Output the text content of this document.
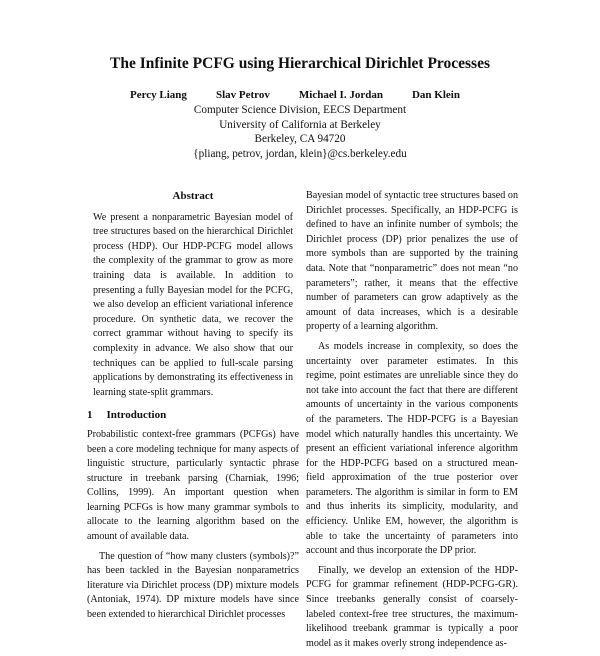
The Infinite PCFG using Hierarchical Dirichlet Processes
Percy Liang	Slav Petrov	Michael I. Jordan	Dan Klein
Computer Science Division, EECS Department
University of California at Berkeley
Berkeley, CA 94720
{pliang, petrov, jordan, klein}@cs.berkeley.edu
Abstract
We present a nonparametric Bayesian model of tree structures based on the hierarchical Dirichlet process (HDP). Our HDP-PCFG model allows the complexity of the grammar to grow as more training data is available. In addition to presenting a fully Bayesian model for the PCFG, we also develop an efficient variational inference procedure. On synthetic data, we recover the correct grammar without having to specify its complexity in advance. We also show that our techniques can be applied to full-scale parsing applications by demonstrating its effectiveness in learning state-split grammars.
1 Introduction

Probabilistic context-free grammars (PCFGs) have been a core modeling technique for many aspects of linguistic structure, particularly syntactic phrase structure in treebank parsing (Charniak, 1996; Collins, 1999). An important question when learning PCFGs is how many grammar symbols to allocate to the learning algorithm based on the amount of available data.

The question of “how many clusters (symbols)?” has been tackled in the Bayesian nonparametrics literature via Dirichlet process (DP) mixture models (Antoniak, 1974). DP mixture models have since been extended to hierarchical Dirichlet processes

Bayesian model of syntactic tree structures based on Dirichlet processes. Specifically, an HDP-PCFG is defined to have an infinite number of symbols; the Dirichlet process (DP) prior penalizes the use of more symbols than are supported by the training data. Note that “nonparametric” does not mean “no parameters”; rather, it means that the effective number of parameters can grow adaptively as the amount of data increases, which is a desirable property of a learning algorithm.

As models increase in complexity, so does the uncertainty over parameter estimates. In this regime, point estimates are unreliable since they do not take into account the fact that there are different amounts of uncertainty in the various components of the parameters. The HDP-PCFG is a Bayesian model which naturally handles this uncertainty. We present an efficient variational inference algorithm for the HDP-PCFG based on a structured mean-field approximation of the true posterior over parameters. The algorithm is similar in form to EM and thus inherits its simplicity, modularity, and efficiency. Unlike EM, however, the algorithm is able to take the uncertainty of parameters into account and thus incorporate the DP prior.

Finally, we develop an extension of the HDP-PCFG for grammar refinement (HDP-PCFG-GR). Since treebanks generally consist of coarsely-labeled context-free tree structures, the maximum-likelihood treebank grammar is typically a poor model as it makes overly strong independence as-
